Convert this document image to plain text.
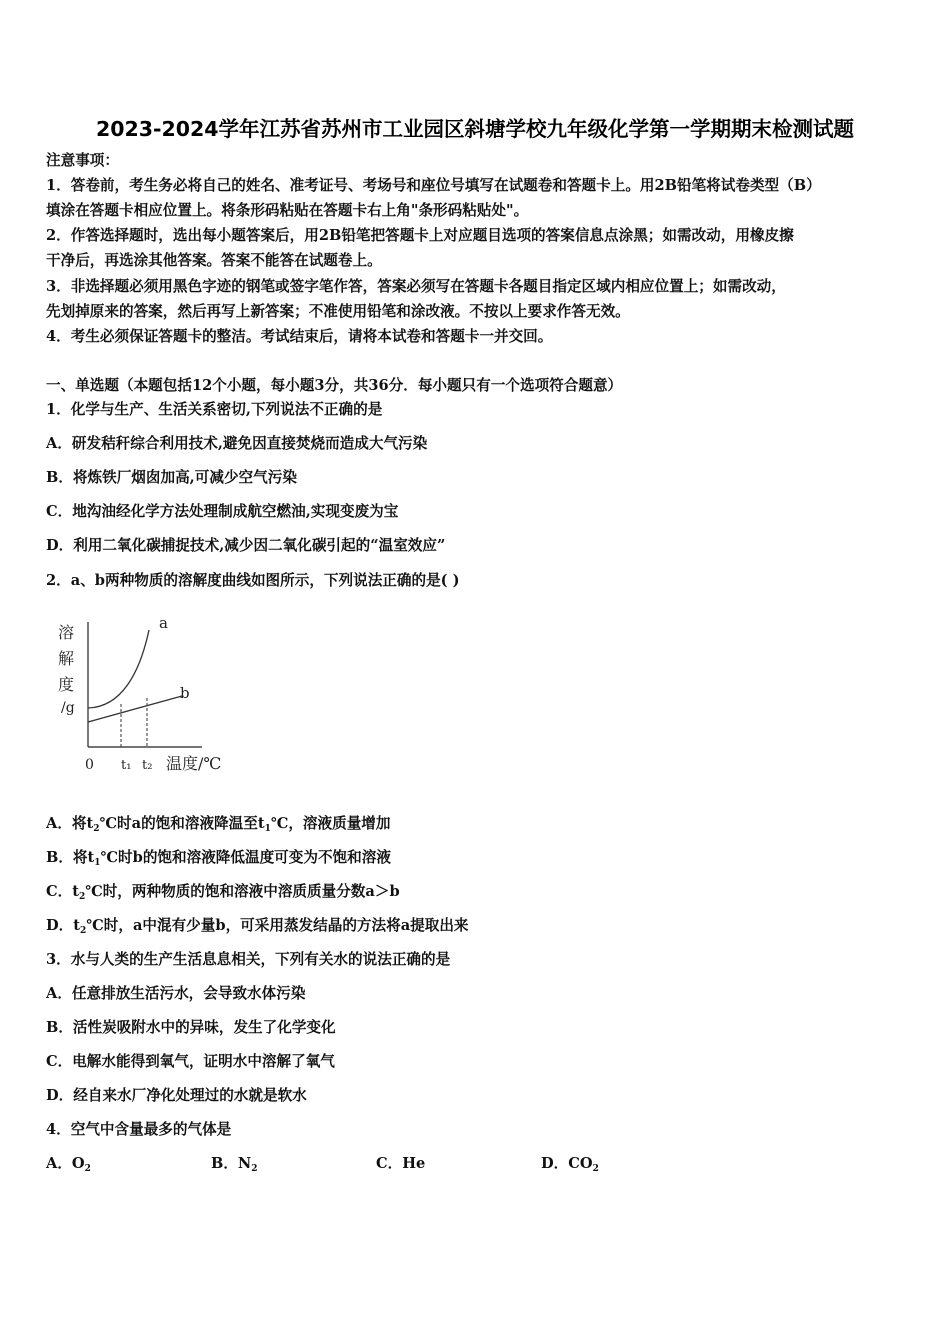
2023-2024学年江苏省苏州市工业园区斜塘学校九年级化学第一学期期末检测试题
注意事项：
1．答卷前，考生务必将自己的姓名、准考证号、考场号和座位号填写在试题卷和答题卡上。用2B铅笔将试卷类型（B）
填涂在答题卡相应位置上。将条形码粘贴在答题卡右上角"条形码粘贴处"。
2．作答选择题时，选出每小题答案后，用2B铅笔把答题卡上对应题目选项的答案信息点涂黑；如需改动，用橡皮擦
干净后，再选涂其他答案。答案不能答在试题卷上。
3．非选择题必须用黑色字迹的钢笔或签字笔作答，答案必须写在答题卡各题目指定区域内相应位置上；如需改动，
先划掉原来的答案，然后再写上新答案；不准使用铅笔和涂改液。不按以上要求作答无效。
4．考生必须保证答题卡的整洁。考试结束后，请将本试卷和答题卡一并交回。
一、单选题（本题包括12个小题，每小题3分，共36分．每小题只有一个选项符合题意）
1．化学与生产、生活关系密切,下列说法不正确的是
A．研发秸秆综合利用技术,避免因直接焚烧而造成大气污染
B．将炼铁厂烟囱加高,可减少空气污染
C．地沟油经化学方法处理制成航空燃油,实现变废为宝
D．利用二氧化碳捕捉技术,减少因二氧化碳引起的“温室效应”
2．a、b两种物质的溶解度曲线如图所示，下列说法正确的是( )
溶
解
度
/g
a
b
0 t₁ t₂ 温度/℃
A．将$t_2℃$时a的饱和溶液降温至$t_1℃$，溶液质量增加
B．将$t_1℃$时b的饱和溶液降低温度可变为不饱和溶液
C．$t_2℃$时，两种物质的饱和溶液中溶质质量分数a＞b
D．$t_2℃$时，a中混有少量b，可采用蒸发结晶的方法将a提取出来
3．水与人类的生产生活息息相关，下列有关水的说法正确的是
A．任意排放生活污水，会导致水体污染
B．活性炭吸附水中的异味，发生了化学变化
C．电解水能得到氧气，证明水中溶解了氧气
D．经自来水厂净化处理过的水就是软水
4．空气中含量最多的气体是
A．$O_2$	B．$N_2$	C．He	D．$CO_2$
